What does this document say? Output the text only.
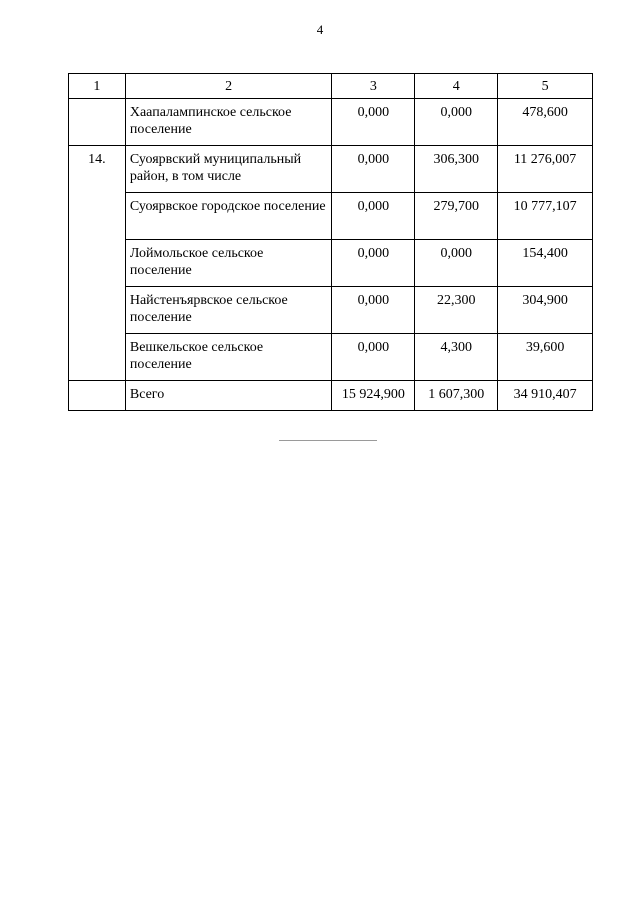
4
1	2	3	4	5
	Хаапалампинское сельское поселение	0,000	0,000	478,600
14.	Суоярвский муниципальный район, в том числе	0,000	306,300	11 276,007
	Суоярвское городское поселение	0,000	279,700	10 777,107
	Лоймольское сельское поселение	0,000	0,000	154,400
	Найстенъярвское сельское поселение	0,000	22,300	304,900
	Вешкельское сельское поселение	0,000	4,300	39,600
	Всего	15 924,900	1 607,300	34 910,407
